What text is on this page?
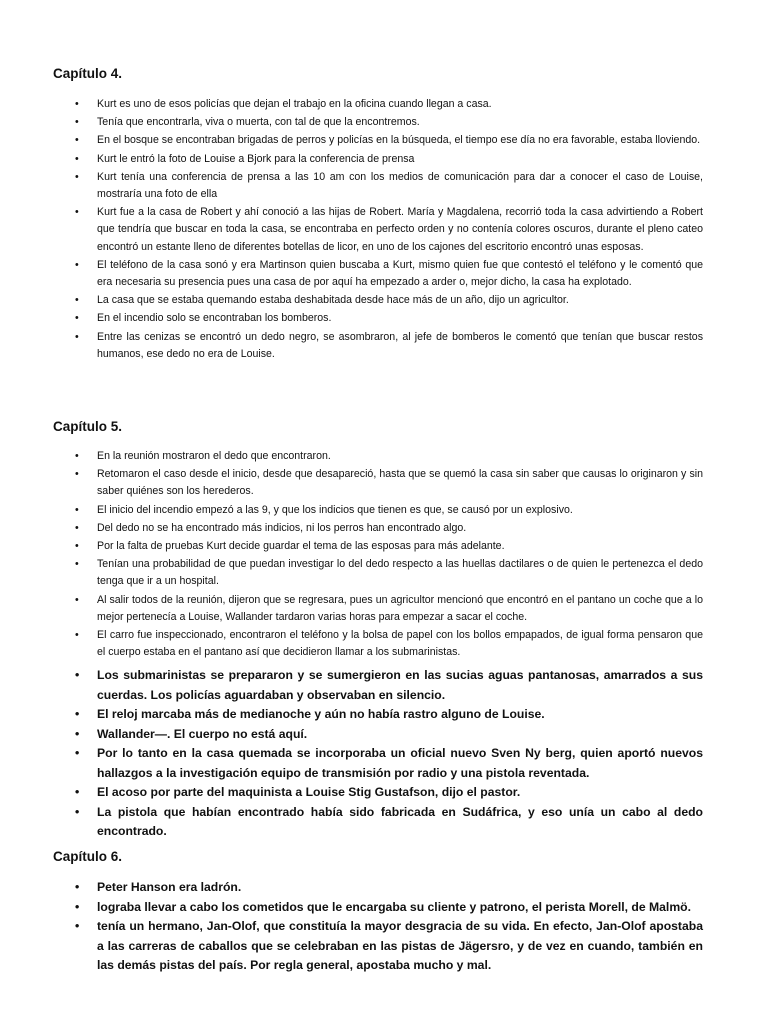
Capítulo 4.
• Kurt es uno de esos policías que dejan el trabajo en la oficina cuando llegan a casa.
• Tenía que encontrarla, viva o muerta, con tal de que la encontremos.
• En el bosque se encontraban brigadas de perros y policías en la búsqueda, el tiempo ese día no era favorable, estaba lloviendo.
• Kurt le entró la foto de Louise a Bjork para la conferencia de prensa
• Kurt tenía una conferencia de prensa a las 10 am con los medios de comunicación para dar a conocer el caso de Louise, mostraría una foto de ella
• Kurt fue a la casa de Robert y ahí conoció a las hijas de Robert. María y Magdalena, recorrió toda la casa advirtiendo a Robert que tendría que buscar en toda la casa, se encontraba en perfecto orden y no contenía colores oscuros, durante el pleno cateo encontró un estante lleno de diferentes botellas de licor, en uno de los cajones del escritorio encontró unas esposas.
• El teléfono de la casa sonó y era Martinson quien buscaba a Kurt, mismo quien fue que contestó el teléfono y le comentó que era necesaria su presencia pues una casa de por aquí ha empezado a arder o, mejor dicho, la casa ha explotado.
• La casa que se estaba quemando estaba deshabitada desde hace más de un año, dijo un agricultor.
• En el incendio solo se encontraban los bomberos.
• Entre las cenizas se encontró un dedo negro, se asombraron, al jefe de bomberos le comentó que tenían que buscar restos humanos, ese dedo no era de Louise.
Capítulo 5.
• En la reunión mostraron el dedo que encontraron.
• Retomaron el caso desde el inicio, desde que desapareció, hasta que se quemó la casa sin saber que causas lo originaron y sin saber quiénes son los herederos.
• El inicio del incendio empezó a las 9, y que los indicios que tienen es que, se causó por un explosivo.
• Del dedo no se ha encontrado más indicios, ni los perros han encontrado algo.
• Por la falta de pruebas Kurt decide guardar el tema de las esposas para más adelante.
• Tenían una probabilidad de que puedan investigar lo del dedo respecto a las huellas dactilares o de quien le pertenezca el dedo tenga que ir a un hospital.
• Al salir todos de la reunión, dijeron que se regresara, pues un agricultor mencionó que encontró en el pantano un coche que a lo mejor pertenecía a Louise, Wallander tardaron varias horas para empezar a sacar el coche.
• El carro fue inspeccionado, encontraron el teléfono y la bolsa de papel con los bollos empapados, de igual forma pensaron que el cuerpo estaba en el pantano así que decidieron llamar a los submarinistas.
• Los submarinistas se prepararon y se sumergieron en las sucias aguas pantanosas, amarrados a sus cuerdas. Los policías aguardaban y observaban en silencio.
• El reloj marcaba más de medianoche y aún no había rastro alguno de Louise.
• Wallander—. El cuerpo no está aquí.
• Por lo tanto en la casa quemada se incorporaba un oficial nuevo Sven Ny berg, quien aportó nuevos hallazgos a la investigación equipo de transmisión por radio y una pistola reventada.
• El acoso por parte del maquinista a Louise Stig Gustafson, dijo el pastor.
• La pistola que habían encontrado había sido fabricada en Sudáfrica, y eso unía un cabo al dedo encontrado.
Capítulo 6.
• Peter Hanson era ladrón.
• lograba llevar a cabo los cometidos que le encargaba su cliente y patrono, el perista Morell, de Malmö.
• tenía un hermano, Jan-Olof, que constituía la mayor desgracia de su vida. En efecto, Jan-Olof apostaba a las carreras de caballos que se celebraban en las pistas de Jägersro, y de vez en cuando, también en las demás pistas del país. Por regla general, apostaba mucho y mal.
